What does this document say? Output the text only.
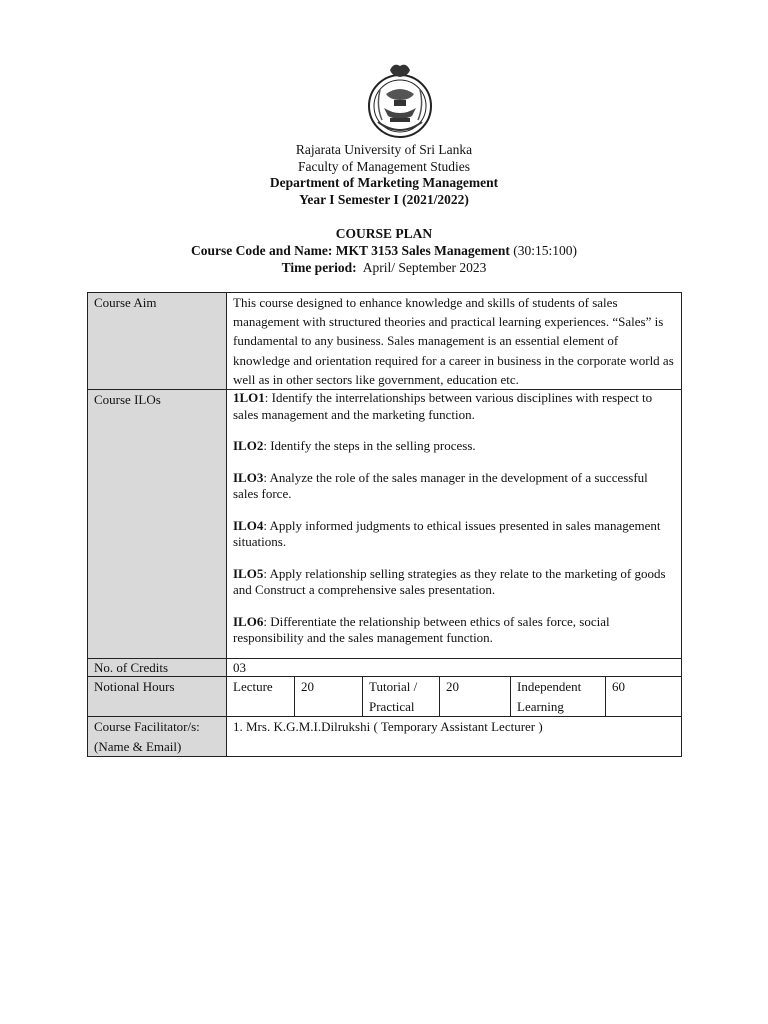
Rajarata University of Sri Lanka
Faculty of Management Studies
Department of Marketing Management
Year I Semester I (2021/2022)
COURSE PLAN
Course Code and Name: MKT 3153 Sales Management (30:15:100)
Time period: April/ September 2023
Course Aim	This course designed to enhance knowledge and skills of students of sales management with structured theories and practical learning experiences. “Sales” is fundamental to any business. Sales management is an essential element of knowledge and orientation required for a career in business in the corporate world as well as in other sectors like government, education etc.
Course ILOs	1LO1: Identify the interrelationships between various disciplines with respect to sales management and the marketing function.

ILO2: Identify the steps in the selling process.

ILO3: Analyze the role of the sales manager in the development of a successful sales force.

ILO4: Apply informed judgments to ethical issues presented in sales management situations.

ILO5: Apply relationship selling strategies as they relate to the marketing of goods and Construct a comprehensive sales presentation.

ILO6: Differentiate the relationship between ethics of sales force, social responsibility and the sales management function.

No. of Credits	03
Notional Hours		Lecture	20	Tutorial / Practical	20	Independent Learning	60

Course Facilitator/s: (Name & Email)	1. Mrs. K.G.M.I.Dilrukshi ( Temporary Assistant Lecturer )
